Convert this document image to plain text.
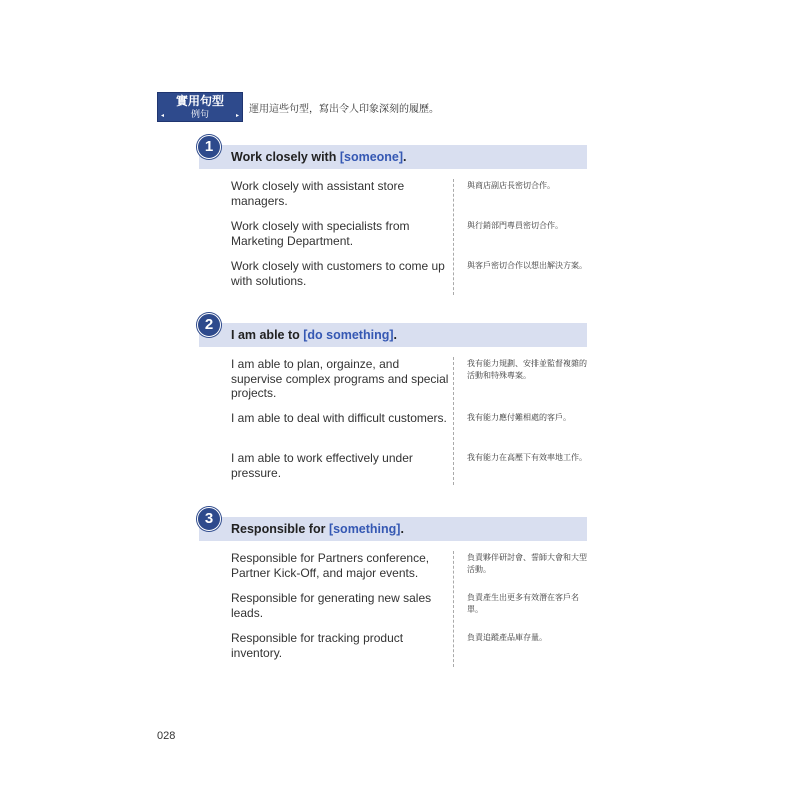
實用句型
例句
◂	▸
運用這些句型，寫出令人印象深刻的履歷。
1
Work closely with [someone].
Work closely with assistant store managers.
與商店副店長密切合作。
Work closely with specialists from Marketing Department.
與行銷部門專員密切合作。
Work closely with customers to come up with solutions.
與客戶密切合作以想出解決方案。
2
I am able to [do something].
I am able to plan, orgainze, and supervise complex programs and special projects.
我有能力規劃、安排並監督複雜的活動和特殊專案。
I am able to deal with difficult customers.	我有能力應付難相處的客戶。
I am able to work effectively under pressure.
我有能力在高壓下有效率地工作。
3
Responsible for [something].
Responsible for Partners conference, Partner Kick-Off, and major events.
負責夥伴研討會、誓師大會和大型活動。
Responsible for generating new sales leads.
負責產生出更多有效潛在客戶名單。
Responsible for tracking product inventory.
負責追蹤產品庫存量。
028
